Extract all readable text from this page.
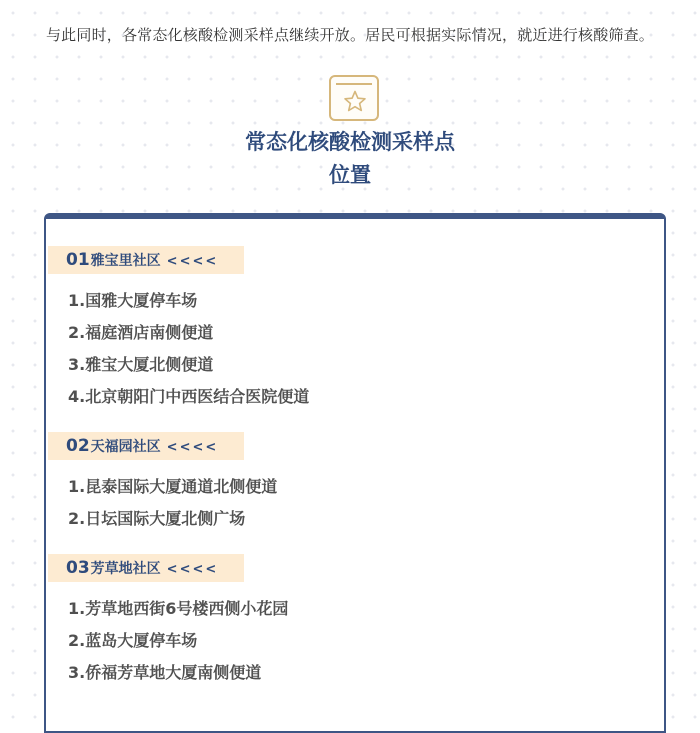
与此同时，各常态化核酸检测采样点继续开放。居民可根据实际情况，就近进行核酸筛查。
常态化核酸检测采样点
位置
01雅宝里社区 <<<<
1.国雅大厦停车场
2.福庭酒店南侧便道
3.雅宝大厦北侧便道
4.北京朝阳门中西医结合医院便道
02天福园社区 <<<<
1.昆泰国际大厦通道北侧便道
2.日坛国际大厦北侧广场
03芳草地社区 <<<<
1.芳草地西街6号楼西侧小花园
2.蓝岛大厦停车场
3.侨福芳草地大厦南侧便道
